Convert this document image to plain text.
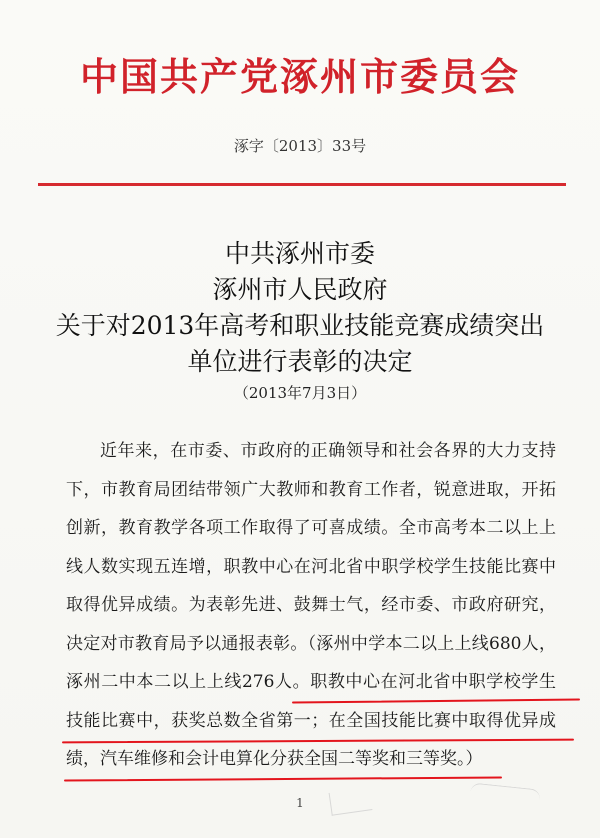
中国共产党涿州市委员会
涿字〔2013〕33号
中共涿州市委
涿州市人民政府
关于对2013年高考和职业技能竞赛成绩突出
单位进行表彰的决定
（2013年7月3日）
近年来，在市委、市政府的正确领导和社会各界的大力支持
下，市教育局团结带领广大教师和教育工作者，锐意进取，开拓
创新，教育教学各项工作取得了可喜成绩。全市高考本二以上上
线人数实现五连增，职教中心在河北省中职学校学生技能比赛中
取得优异成绩。为表彰先进、鼓舞士气，经市委、市政府研究，
决定对市教育局予以通报表彰。（涿州中学本二以上上线680人，
涿州二中本二以上上线276人。职教中心在河北省中职学校学生
技能比赛中，获奖总数全省第一；在全国技能比赛中取得优异成
绩，汽车维修和会计电算化分获全国二等奖和三等奖。）
1
